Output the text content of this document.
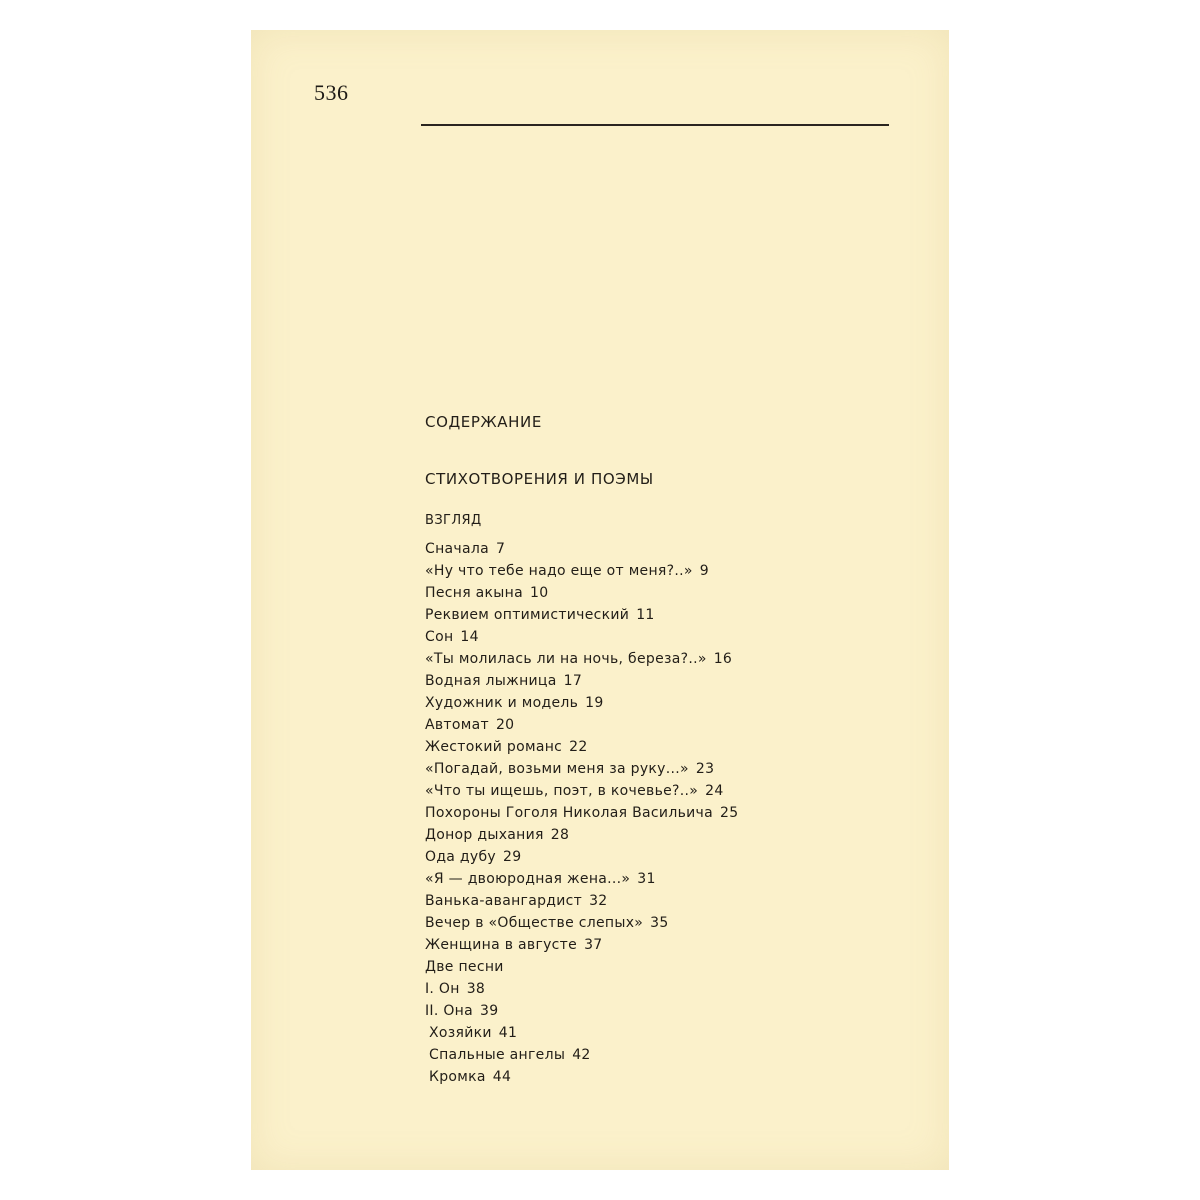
536

СОДЕРЖАНИЕ

СТИХОТВОРЕНИЯ И ПОЭМЫ

ВЗГЛЯД
Сначала 7
«Ну что тебе надо еще от меня?..» 9
Песня акына 10
Реквием оптимистический 11
Сон 14
«Ты молилась ли на ночь, береза?..» 16
Водная лыжница 17
Художник и модель 19
Автомат 20
Жестокий романс 22
«Погадай, возьми меня за руку...» 23
«Что ты ищешь, поэт, в кочевье?..» 24
Похороны Гоголя Николая Васильича 25
Донор дыхания 28
Ода дубу 29
«Я — двоюродная жена...» 31
Ванька-авангардист 32
Вечер в «Обществе слепых» 35
Женщина в августе 37
Две песни
I. Он 38
II. Она 39
Хозяйки 41
Спальные ангелы 42
Кромка 44
